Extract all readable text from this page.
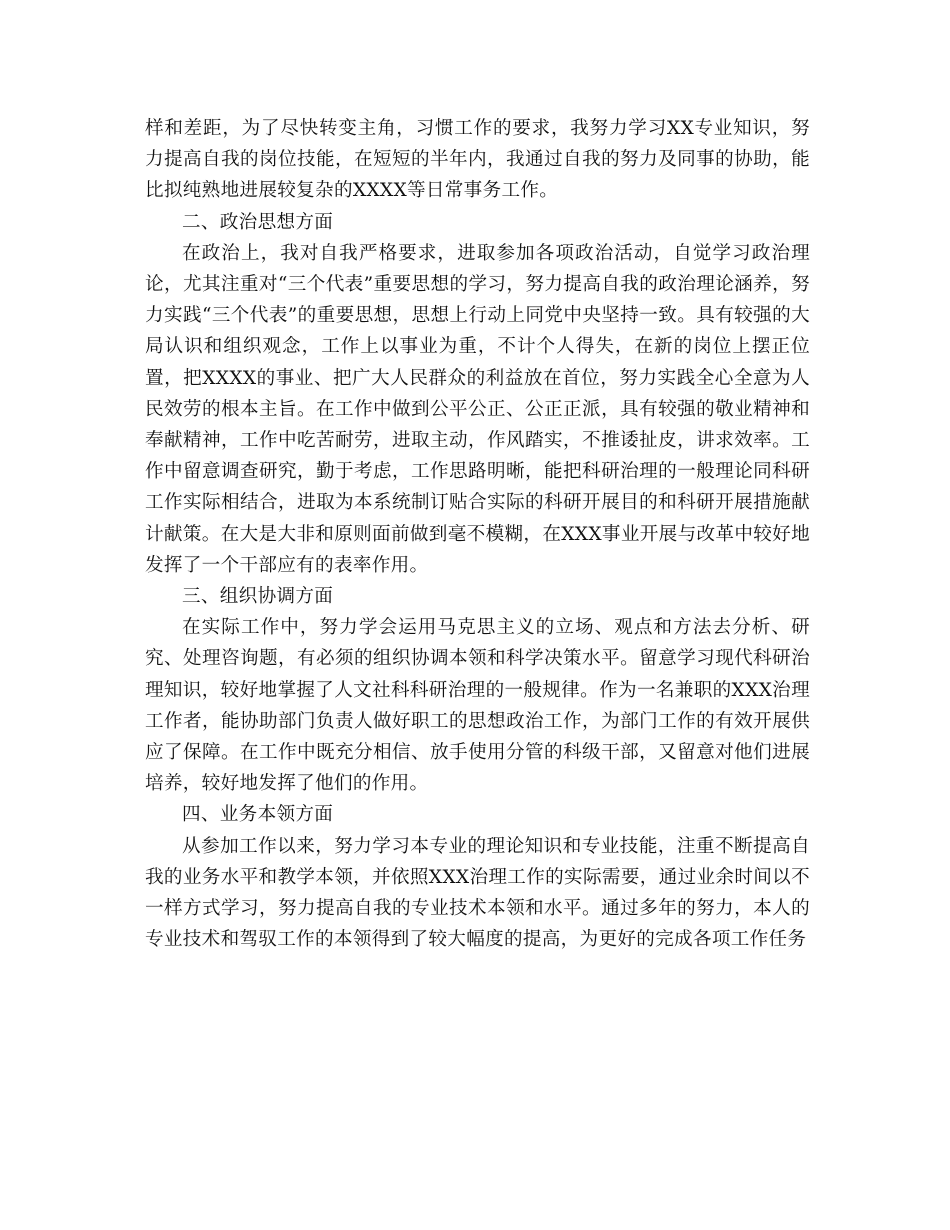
样和差距，为了尽快转变主角，习惯工作的要求，我努力学习XX专业知识，努力提高自我的岗位技能，在短短的半年内，我通过自我的努力及同事的协助，能比拟纯熟地进展较复杂的XXXX等日常事务工作。

二、政治思想方面

在政治上，我对自我严格要求，进取参加各项政治活动，自觉学习政治理论，尤其注重对“三个代表”重要思想的学习，努力提高自我的政治理论涵养，努力实践“三个代表”的重要思想，思想上行动上同党中央坚持一致。具有较强的大局认识和组织观念，工作上以事业为重，不计个人得失，在新的岗位上摆正位置，把XXXX的事业、把广大人民群众的利益放在首位，努力实践全心全意为人民效劳的根本主旨。在工作中做到公平公正、公正正派，具有较强的敬业精神和奉献精神，工作中吃苦耐劳，进取主动，作风踏实，不推诿扯皮，讲求效率。工作中留意调查研究，勤于考虑，工作思路明晰，能把科研治理的一般理论同科研工作实际相结合，进取为本系统制订贴合实际的科研开展目的和科研开展措施献计献策。在大是大非和原则面前做到毫不模糊，在XXX事业开展与改革中较好地发挥了一个干部应有的表率作用。

三、组织协调方面

在实际工作中，努力学会运用马克思主义的立场、观点和方法去分析、研究、处理咨询题，有必须的组织协调本领和科学决策水平。留意学习现代科研治理知识，较好地掌握了人文社科科研治理的一般规律。作为一名兼职的XXX治理工作者，能协助部门负责人做好职工的思想政治工作，为部门工作的有效开展供应了保障。在工作中既充分相信、放手使用分管的科级干部，又留意对他们进展培养，较好地发挥了他们的作用。

四、业务本领方面

从参加工作以来，努力学习本专业的理论知识和专业技能，注重不断提高自我的业务水平和教学本领，并依照XXX治理工作的实际需要，通过业余时间以不一样方式学习，努力提高自我的专业技术本领和水平。通过多年的努力，本人的专业技术和驾驭工作的本领得到了较大幅度的提高，为更好的完成各项工作任务
